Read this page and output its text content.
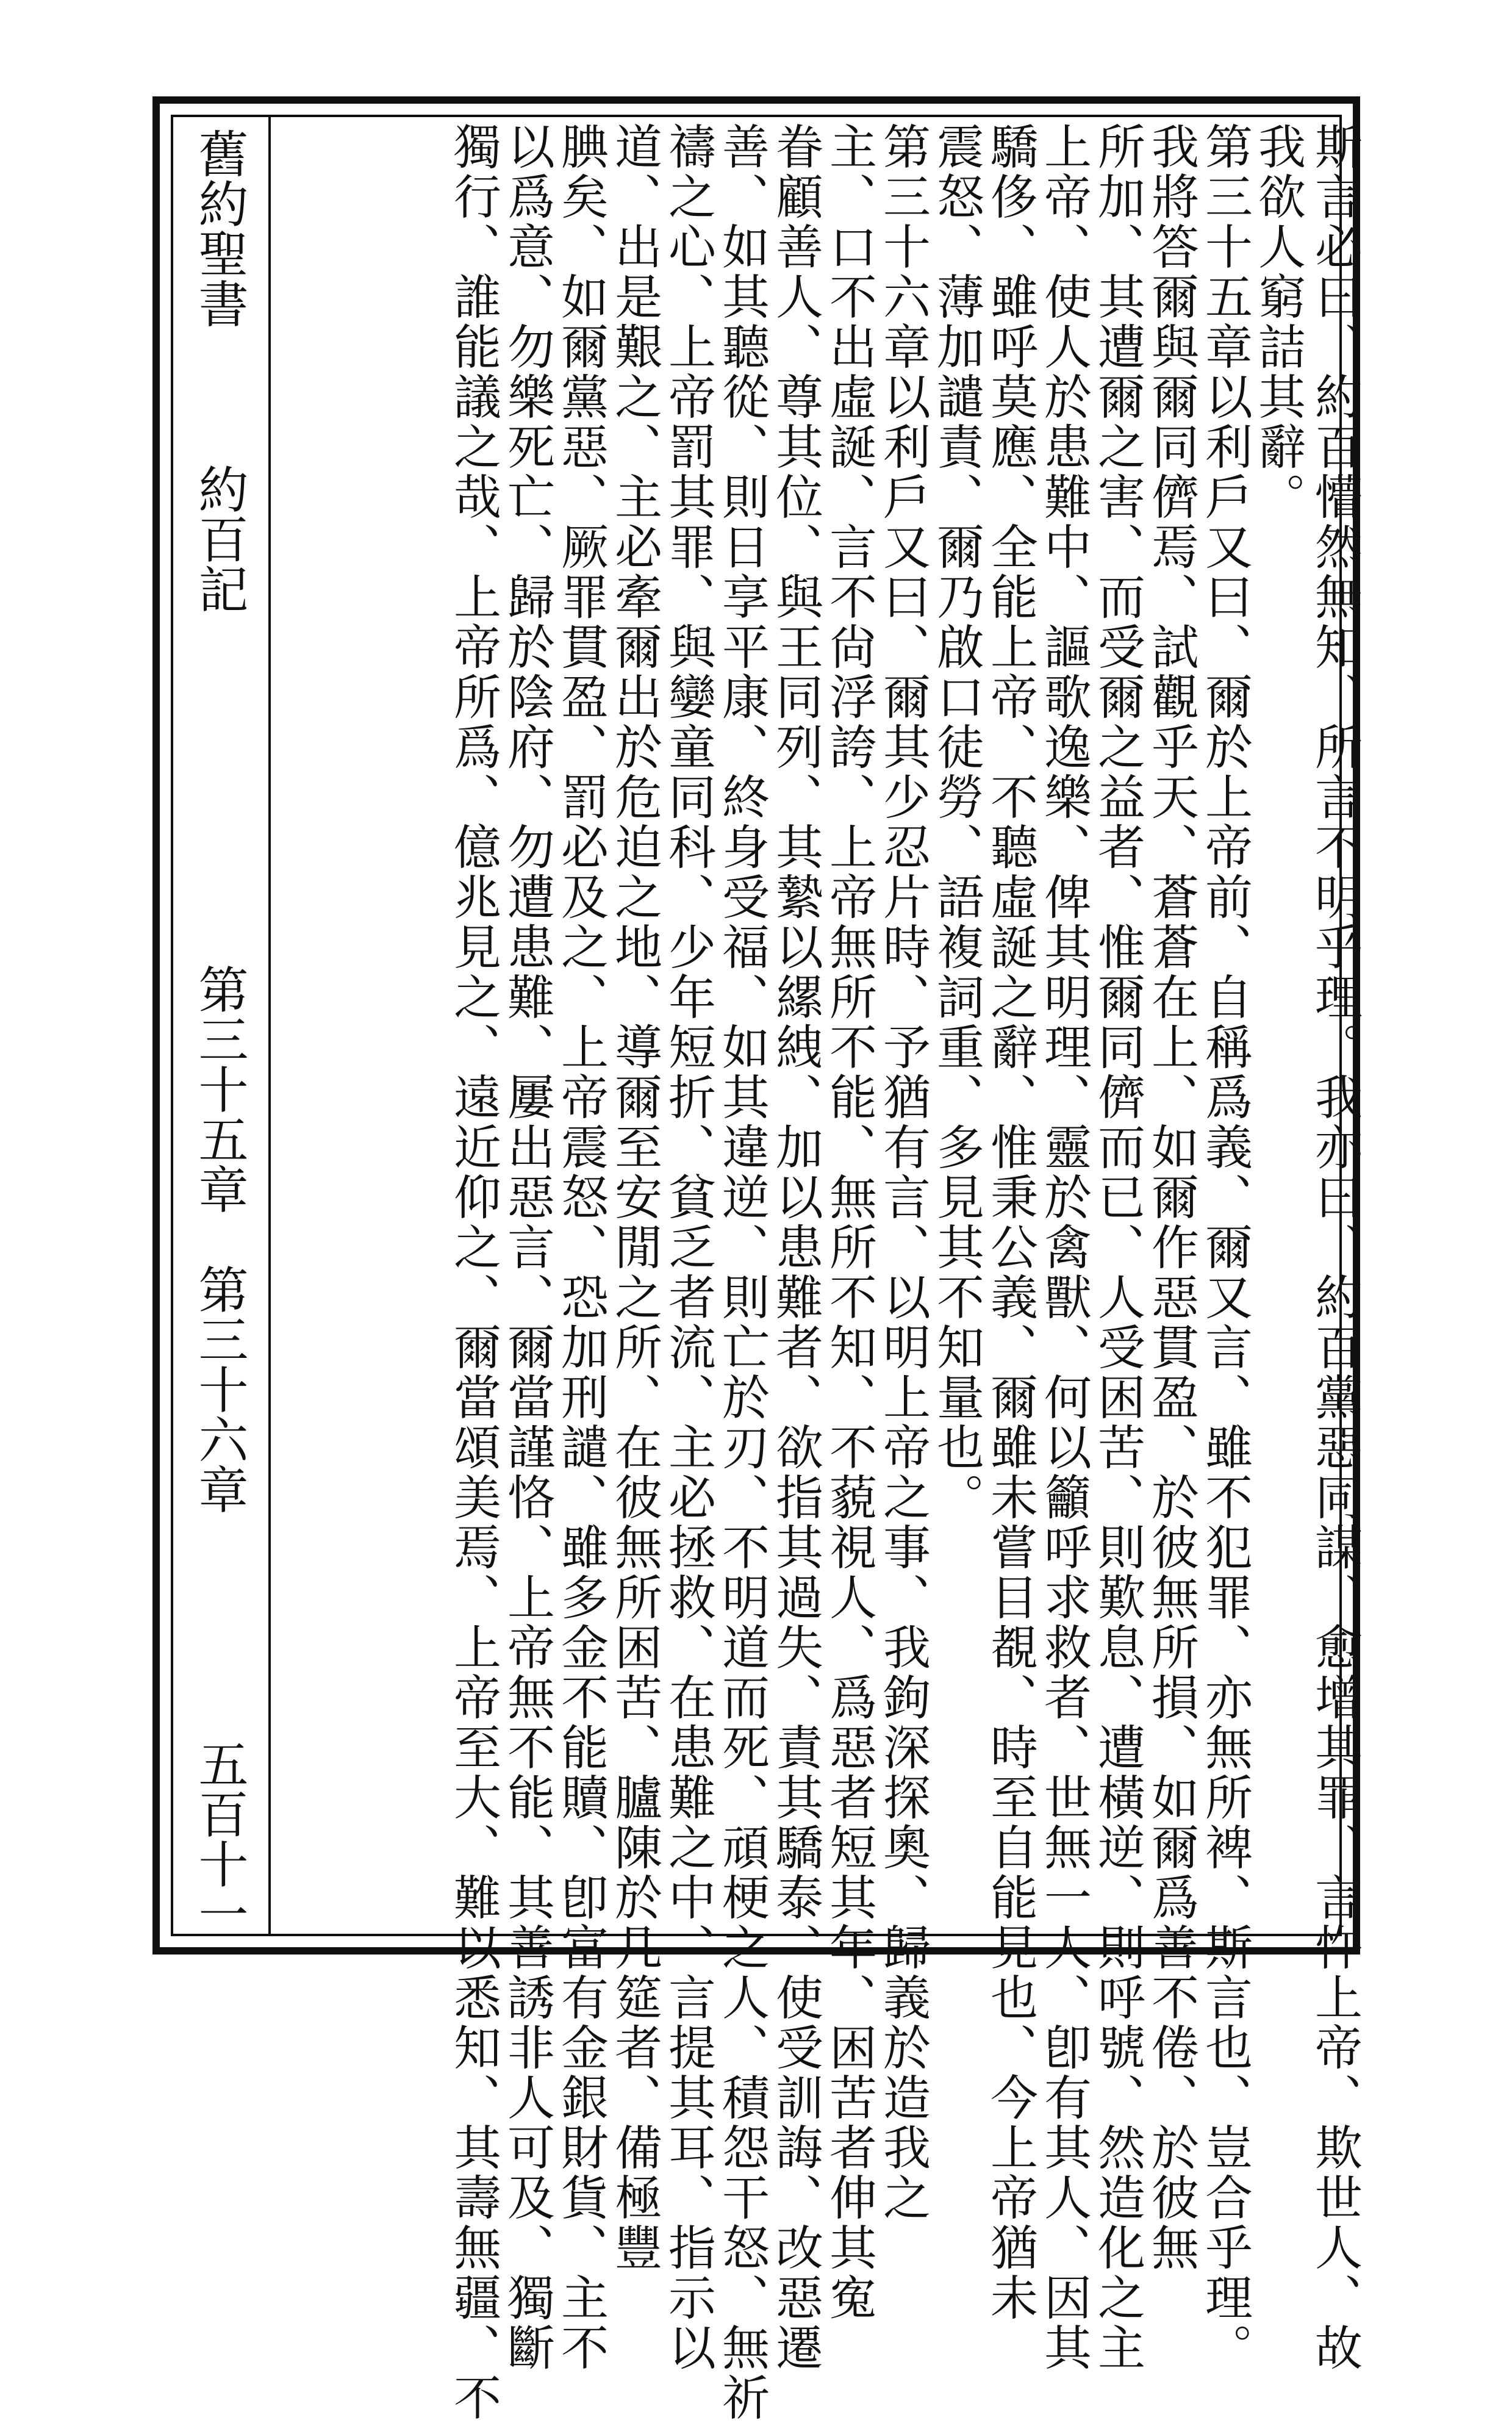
斯言必曰、約百懵然無知、所言不明乎理。我亦曰、約百黨惡同謀、愈增其罪、言忤上帝、欺世人、故
我欲人窮詰其辭。
第三十五章以利戶又曰、爾於上帝前、自稱爲義、爾又言、雖不犯罪、亦無所裨、斯言也、豈合乎理。
我將答爾與爾同儕焉、試觀乎天、蒼蒼在上、如爾作惡貫盈、於彼無所損、如爾爲善不倦、於彼無
所加、其遭爾之害、而受爾之益者、惟爾同儕而已、人受困苦、則歎息、遭橫逆、則呼號、然造化之主
上帝、使人於患難中、謳歌逸樂、俾其明理、靈於禽獸、何以籲呼求救者、世無一人、卽有其人、因其
驕侈、雖呼莫應、全能上帝、不聽虛誕之辭、惟秉公義、爾雖未嘗目覩、時至自能見也、今上帝猶未
震怒、薄加譴責、爾乃啟口徒勞、語複詞重、多見其不知量也。
第三十六章以利戶又曰、爾其少忍片時、予猶有言、以明上帝之事、我鉤深探奧、歸義於造我之
主、口不出虛誕、言不尙浮誇、上帝無所不能、無所不知、不藐視人、爲惡者短其年、困苦者伸其寃
眷顧善人、尊其位、與王同列、其縶以縲絏、加以患難者、欲指其過失、責其驕泰、使受訓誨、改惡遷
善、如其聽從、則日享平康、終身受福、如其違逆、則亡於刃、不明道而死、頑梗之人、積怨干怒、無祈
禱之心、上帝罰其罪、與孌童同科、少年短折、貧乏者流、主必拯救、在患難之中、言提其耳、指示以
道、出是艱之、主必牽爾出於危迫之地、導爾至安閒之所、在彼無所困苦、臚陳於几筵者、備極豐
腆矣、如爾黨惡、厥罪貫盈、罰必及之、上帝震怒、恐加刑譴、雖多金不能贖、卽富有金銀財貨、主不
以爲意、勿樂死亡、歸於陰府、勿遭患難、屢出惡言、爾當謹恪、上帝無不能、其善誘非人可及、獨斷
獨行、誰能議之哉、上帝所爲、億兆見之、遠近仰之、爾當頌美焉、上帝至大、難以悉知、其壽無疆、不
舊約聖書
約百記
第三十五章　第三十六章
五百十一
